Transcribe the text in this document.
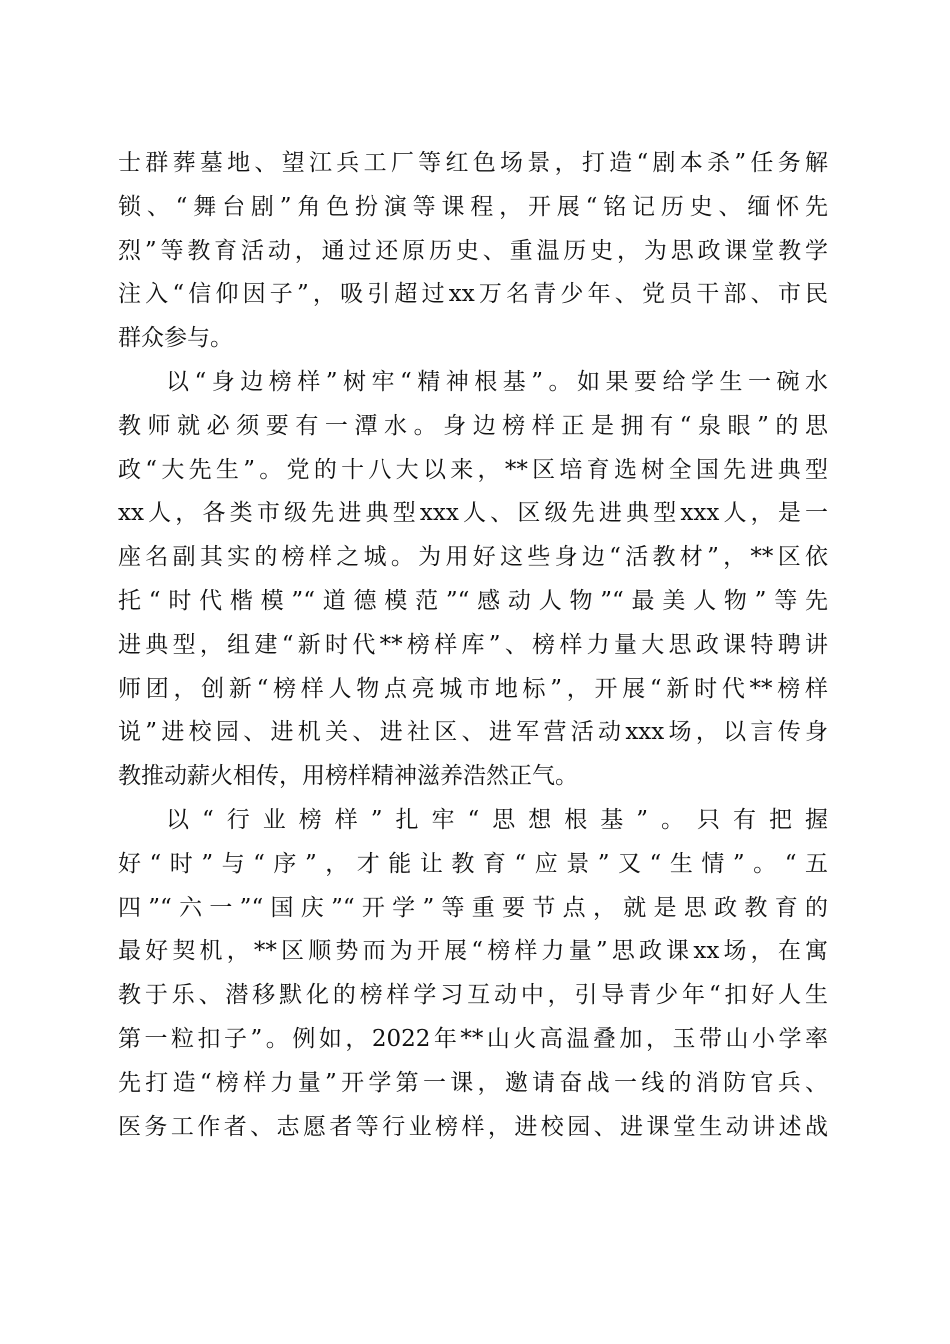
士群葬墓地、望江兵工厂等红色场景，打造“剧本杀”任务解
锁、“舞台剧”角色扮演等课程，开展“铭记历史、缅怀先
烈”等教育活动，通过还原历史、重温历史，为思政课堂教学
注入“信仰因子”，吸引超过xx万名青少年、党员干部、市民
群众参与。
以“身边榜样”树牢“精神根基”。如果要给学生一碗水
教师就必须要有一潭水。身边榜样正是拥有“泉眼”的思
政“大先生”。党的十八大以来，**区培育选树全国先进典型
xx人，各类市级先进典型xxx人、区级先进典型xxx人，是一
座名副其实的榜样之城。为用好这些身边“活教材”，**区依
托“时代楷模”“道德模范”“感动人物”“最美人物”等先
进典型，组建“新时代**榜样库”、榜样力量大思政课特聘讲
师团，创新“榜样人物点亮城市地标”，开展“新时代**榜样
说”进校园、进机关、进社区、进军营活动xxx场，以言传身
教推动薪火相传，用榜样精神滋养浩然正气。
以“行业榜样”扎牢“思想根基”。只有把握
好“时”与“序”，才能让教育“应景”又“生情”。“五
四”“六一”“国庆”“开学”等重要节点，就是思政教育的
最好契机，**区顺势而为开展“榜样力量”思政课xx场，在寓
教于乐、潜移默化的榜样学习互动中，引导青少年“扣好人生
第一粒扣子”。例如，2022年**山火高温叠加，玉带山小学率
先打造“榜样力量”开学第一课，邀请奋战一线的消防官兵、
医务工作者、志愿者等行业榜样，进校园、进课堂生动讲述战
